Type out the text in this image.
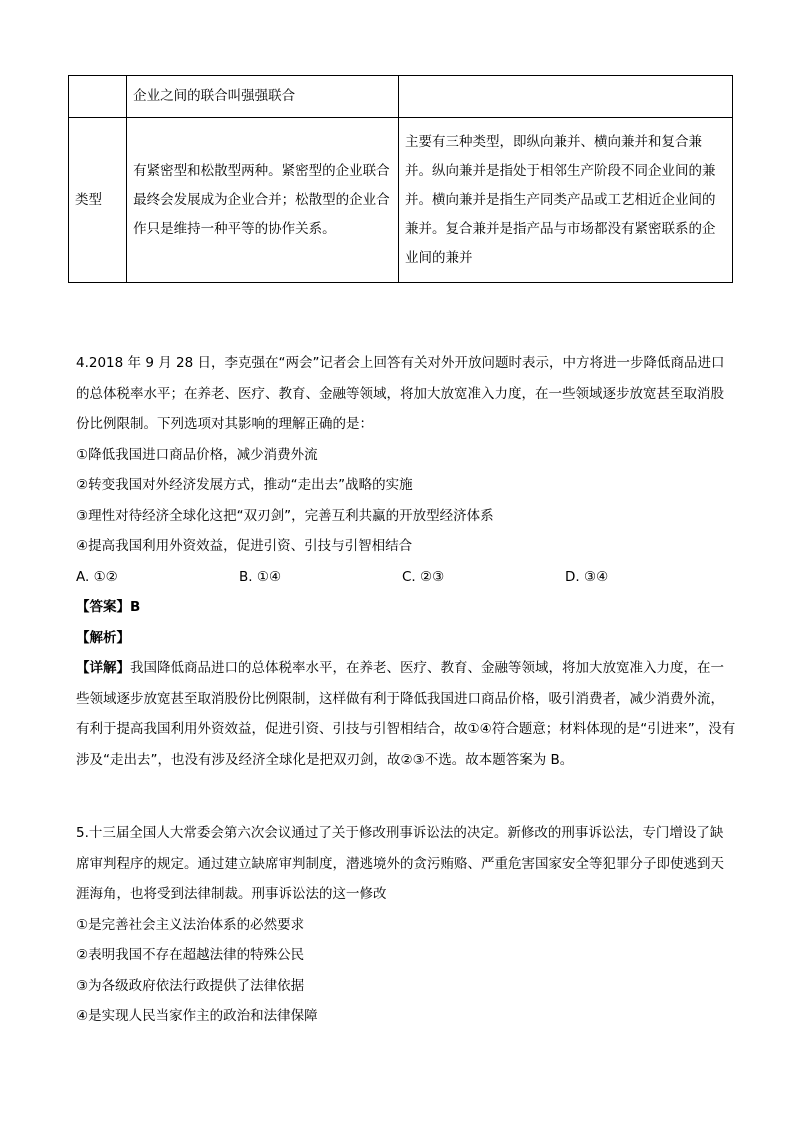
	企业之间的联合叫强强联合	
类型	有紧密型和松散型两种。紧密型的企业联合最终会发展成为企业合并；松散型的企业合作只是维持一种平等的协作关系。	主要有三种类型，即纵向兼并、横向兼并和复合兼并。纵向兼并是指处于相邻生产阶段不同企业间的兼并。横向兼并是指生产同类产品或工艺相近企业间的兼并。复合兼并是指产品与市场都没有紧密联系的企业间的兼并

4.2018 年 9 月 28 日，李克强在“两会”记者会上回答有关对外开放问题时表示，中方将进一步降低商品进口的总体税率水平；在养老、医疗、教育、金融等领域，将加大放宽准入力度，在一些领域逐步放宽甚至取消股份比例限制。下列选项对其影响的理解正确的是：

①降低我国进口商品价格，减少消费外流

②转变我国对外经济发展方式，推动“走出去”战略的实施

③理性对待经济全球化这把“双刃剑”，完善互利共赢的开放型经济体系

④提高我国利用外资效益，促进引资、引技与引智相结合

A. ①②	B. ①④	C. ②③	D. ③④

【答案】B

【解析】

【详解】我国降低商品进口的总体税率水平，在养老、医疗、教育、金融等领域，将加大放宽准入力度，在一些领域逐步放宽甚至取消股份比例限制，这样做有利于降低我国进口商品价格，吸引消费者，减少消费外流，有利于提高我国利用外资效益，促进引资、引技与引智相结合，故①④符合题意；材料体现的是“引进来”，没有涉及“走出去”，也没有涉及经济全球化是把双刃剑，故②③不选。故本题答案为 B。

5.十三届全国人大常委会第六次会议通过了关于修改刑事诉讼法的决定。新修改的刑事诉讼法，专门增设了缺席审判程序的规定。通过建立缺席审判制度，潜逃境外的贪污贿赂、严重危害国家安全等犯罪分子即使逃到天涯海角，也将受到法律制裁。刑事诉讼法的这一修改

①是完善社会主义法治体系的必然要求

②表明我国不存在超越法律的特殊公民

③为各级政府依法行政提供了法律依据

④是实现人民当家作主的政治和法律保障
